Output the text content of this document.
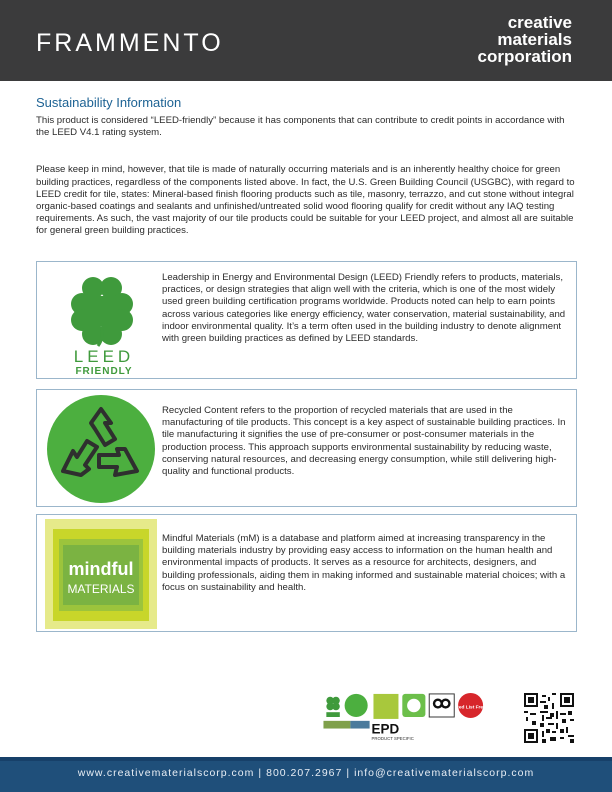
FRAMMENTO
creative
materials
corporation
Sustainability Information

This product is considered “LEED-friendly” because it has components that can contribute to credit points in accordance with the LEED V4.1 rating system.

Please keep in mind, however, that tile is made of naturally occurring materials and is an inherently healthy choice for green building practices, regardless of the components listed above. In fact, the U.S. Green Building Council (USGBC), with regard to LEED credit for tile, states: Mineral-based finish flooring products such as tile, masonry, terrazzo, and cut stone without integral organic-based coatings and sealants and unfinished/untreated solid wood flooring qualify for credit without any IAQ testing requirements. As such, the vast majority of our tile products could be suitable for your LEED project, and almost all are suitable for general green building practices.

LEED
FRIENDLY
Leadership in Energy and Environmental Design (LEED) Friendly refers to products, materials, practices, or design strategies that align well with the criteria, which is one of the most widely used green building certification programs worldwide. Products noted can help to earn points across various categories like energy efficiency, water conservation, material sustainability, and indoor environmental quality. It’s a term often used in the building industry to denote alignment with green building practices as defined by LEED standards.
Recycled Content refers to the proportion of recycled materials that are used in the manufacturing of tile products. This concept is a key aspect of sustainable building practices. In tile manufacturing it signifies the use of pre-consumer or post-consumer materials in the production process. This approach supports environmental sustainability by reducing waste, conserving natural resources, and decreasing energy consumption, while still delivering high-quality and functional products.
mindful
MATERIALS
Mindful Materials (mM) is a database and platform aimed at increasing transparency in the building materials industry by providing easy access to information on the human health and environmental impacts of products. It serves as a resource for architects, designers, and building professionals, aiding them in making informed and sustainable material choices; with a focus on sustainability and health.
Red List Free
EPD
PRODUCT SPECIFIC
www.creativematerialscorp.com | 800.207.2967 | info@creativematerialscorp.com
